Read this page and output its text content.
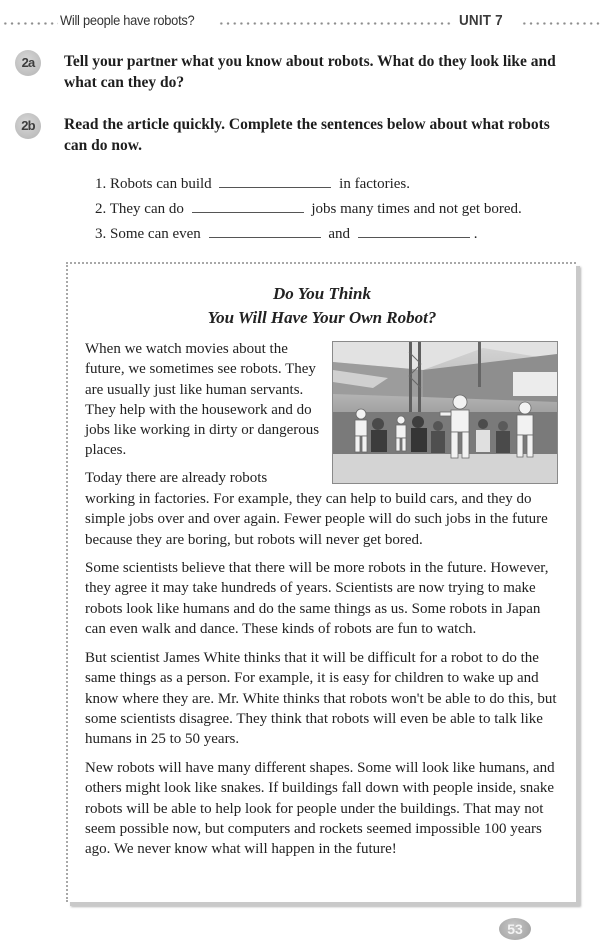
Will people have robots?	UNIT 7
2a	Tell your partner what you know about robots. What do they look like and what can they do?
2b	Read the article quickly. Complete the sentences below about what robots can do now.
1. Robots can build	in factories.
2. They can do	jobs many times and not get bored.
3. Some can even	and	.
Do You Think
You Will Have Your Own Robot?
When we watch movies about the future, we sometimes see robots. They are usually just like human servants. They help with the housework and do jobs like working in dirty or dangerous places.
Today there are already robots
working in factories. For example, they can help to build cars, and they do simple jobs over and over again. Fewer people will do such jobs in the future because they are boring, but robots will never get bored.
Some scientists believe that there will be more robots in the future. However, they agree it may take hundreds of years. Scientists are now trying to make robots look like humans and do the same things as us. Some robots in Japan can even walk and dance. These kinds of robots are fun to watch.
But scientist James White thinks that it will be difficult for a robot to do the same things as a person. For example, it is easy for children to wake up and know where they are. Mr. White thinks that robots won't be able to do this, but some scientists disagree. They think that robots will even be able to talk like humans in 25 to 50 years.
New robots will have many different shapes. Some will look like humans, and others might look like snakes. If buildings fall down with people inside, snake robots will be able to help look for people under the buildings. That may not seem possible now, but computers and rockets seemed impossible 100 years ago. We never know what will happen in the future!
53
